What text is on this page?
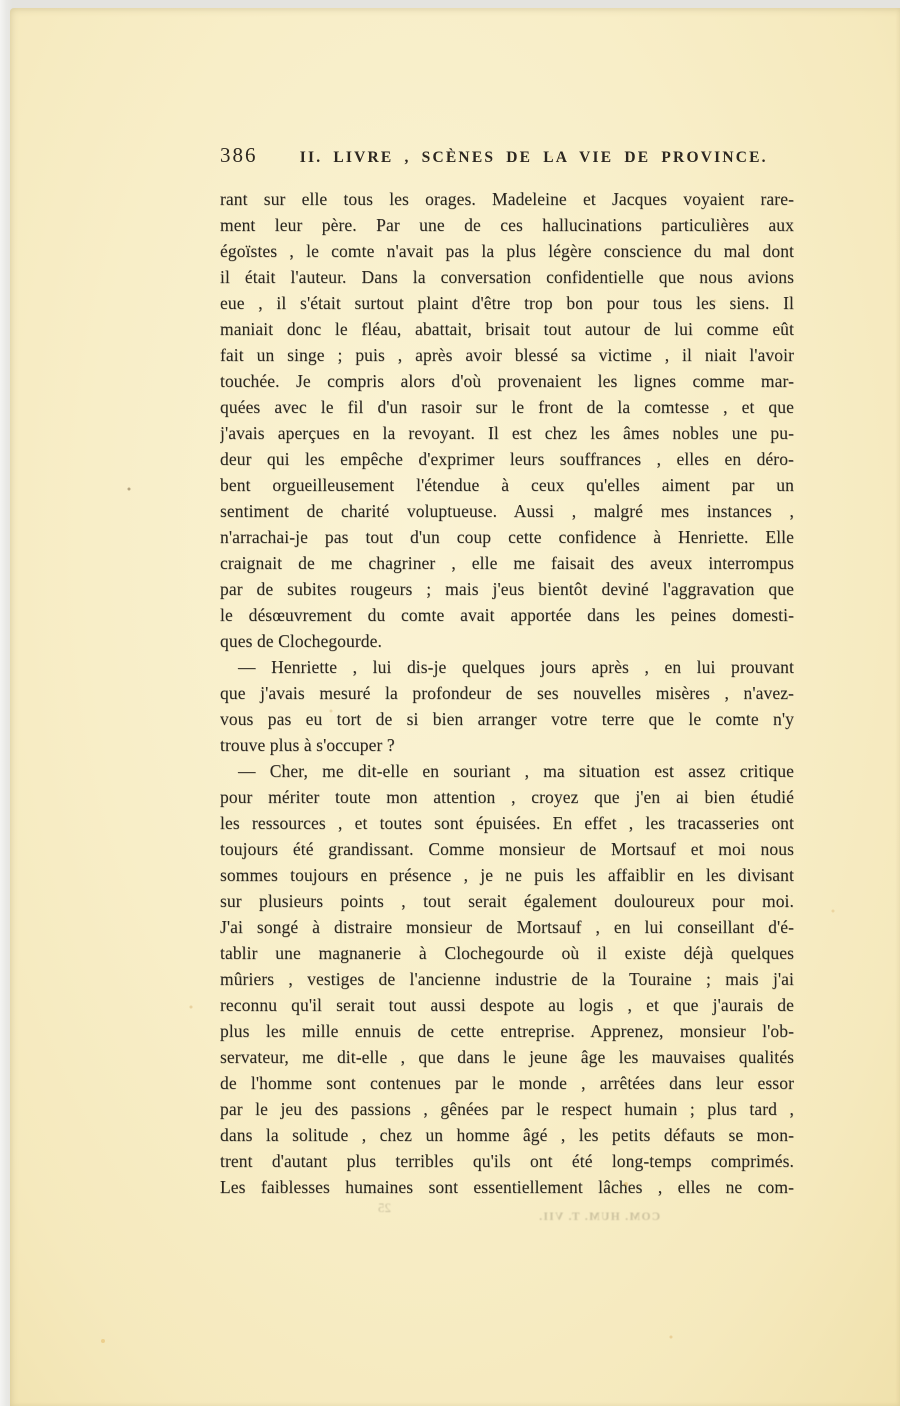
386	II. LIVRE , SCÈNES DE LA VIE DE PROVINCE.
rant sur elle tous les orages. Madeleine et Jacques voyaient rare-
ment leur père. Par une de ces hallucinations particulières aux
égoïstes , le comte n'avait pas la plus légère conscience du mal dont
il était l'auteur. Dans la conversation confidentielle que nous avions
eue , il s'était surtout plaint d'être trop bon pour tous les siens. Il
maniait donc le fléau, abattait, brisait tout autour de lui comme eût
fait un singe ; puis , après avoir blessé sa victime , il niait l'avoir
touchée. Je compris alors d'où provenaient les lignes comme mar-
quées avec le fil d'un rasoir sur le front de la comtesse , et que
j'avais aperçues en la revoyant. Il est chez les âmes nobles une pu-
deur qui les empêche d'exprimer leurs souffrances , elles en déro-
bent orgueilleusement l'étendue à ceux qu'elles aiment par un
sentiment de charité voluptueuse. Aussi , malgré mes instances ,
n'arrachai-je pas tout d'un coup cette confidence à Henriette. Elle
craignait de me chagriner , elle me faisait des aveux interrompus
par de subites rougeurs ; mais j'eus bientôt deviné l'aggravation que
le désœuvrement du comte avait apportée dans les peines domesti-
ques de Clochegourde.
— Henriette , lui dis-je quelques jours après , en lui prouvant
que j'avais mesuré la profondeur de ses nouvelles misères , n'avez-
vous pas eu tort de si bien arranger votre terre que le comte n'y
trouve plus à s'occuper ?
— Cher, me dit-elle en souriant , ma situation est assez critique
pour mériter toute mon attention , croyez que j'en ai bien étudié
les ressources , et toutes sont épuisées. En effet , les tracasseries ont
toujours été grandissant. Comme monsieur de Mortsauf et moi nous
sommes toujours en présence , je ne puis les affaiblir en les divisant
sur plusieurs points , tout serait également douloureux pour moi.
J'ai songé à distraire monsieur de Mortsauf , en lui conseillant d'é-
tablir une magnanerie à Clochegourde où il existe déjà quelques
mûriers , vestiges de l'ancienne industrie de la Touraine ; mais j'ai
reconnu qu'il serait tout aussi despote au logis , et que j'aurais de
plus les mille ennuis de cette entreprise. Apprenez, monsieur l'ob-
servateur, me dit-elle , que dans le jeune âge les mauvaises qualités
de l'homme sont contenues par le monde , arrêtées dans leur essor
par le jeu des passions , gênées par le respect humain ; plus tard ,
dans la solitude , chez un homme âgé , les petits défauts se mon-
trent d'autant plus terribles qu'ils ont été long-temps comprimés.
Les faiblesses humaines sont essentiellement lâches , elles ne com-
25
COM. HUM. T. VII.
